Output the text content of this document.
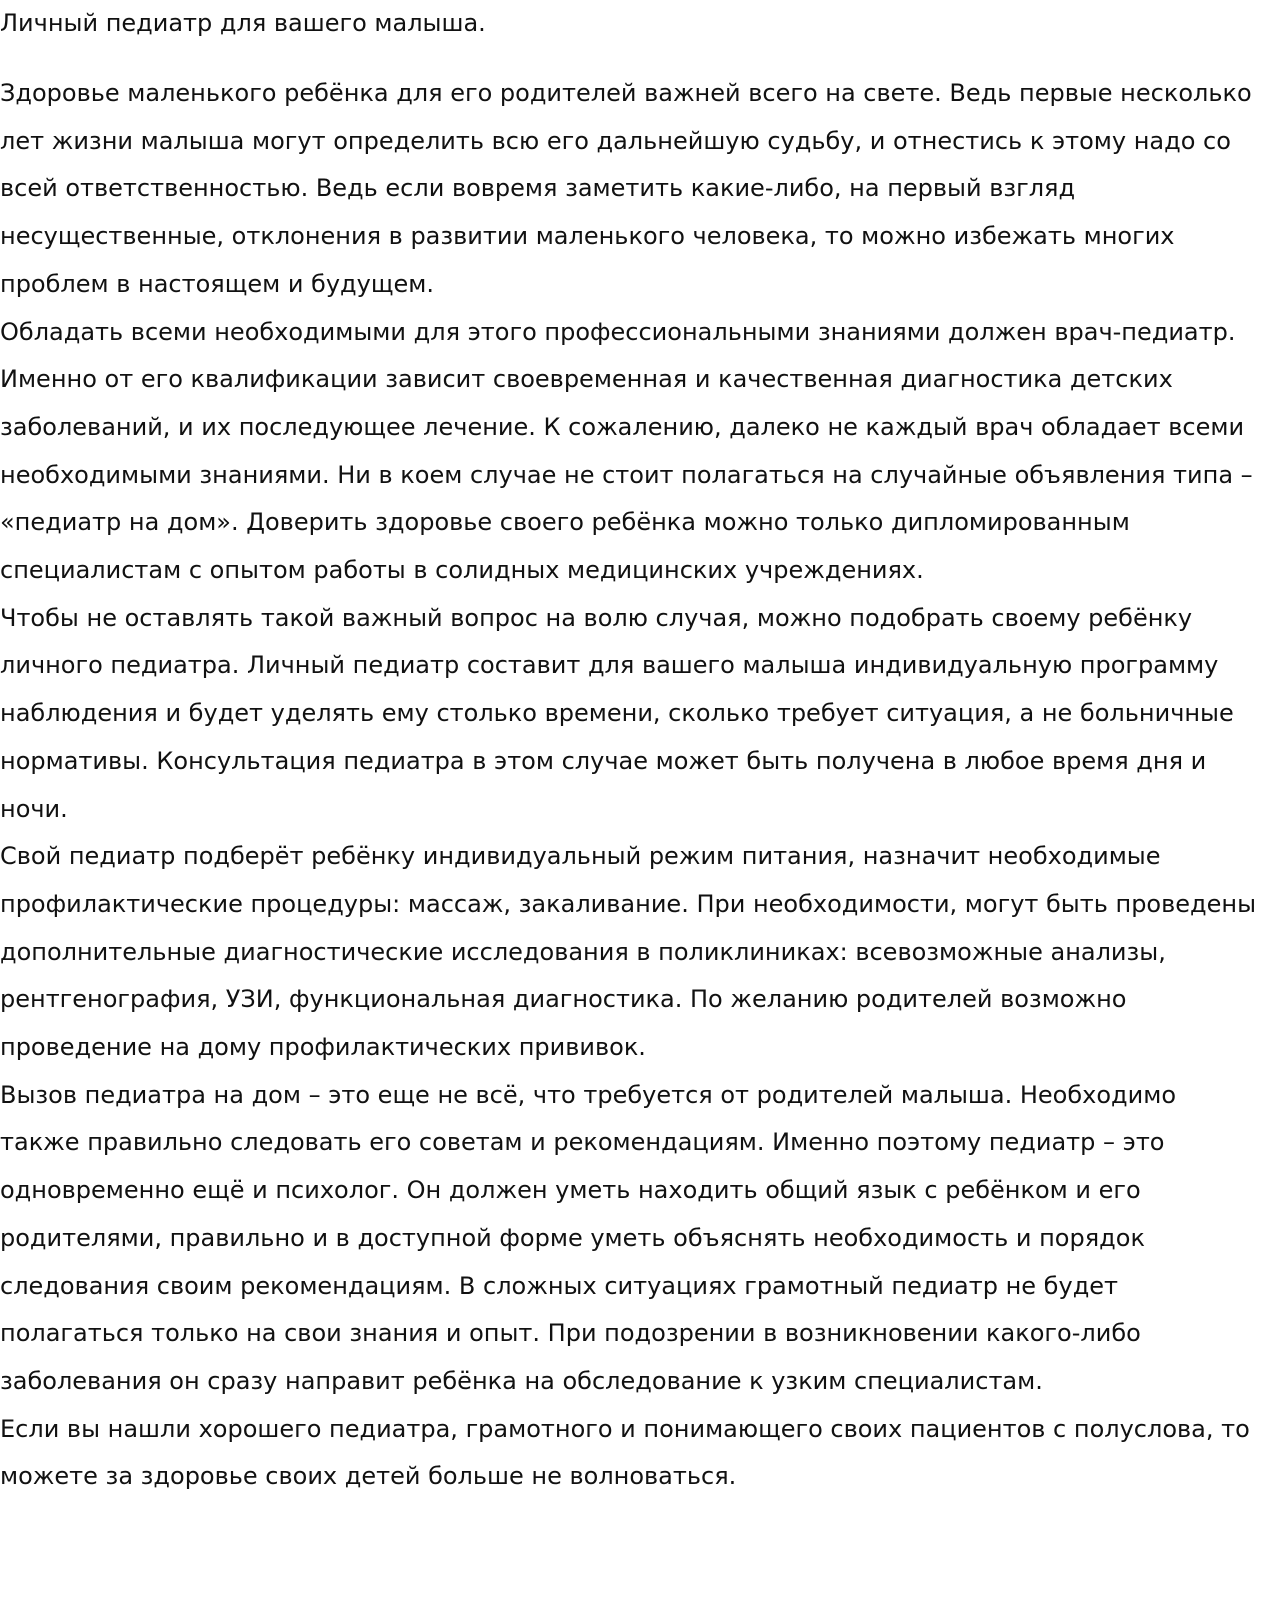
Личный педиатр для вашего малыша.

Здоровье маленького ребёнка для его родителей важней всего на свете. Ведь первые несколько лет жизни малыша могут определить всю его дальнейшую судьбу, и отнестись к этому надо со всей ответственностью. Ведь если вовремя заметить какие-либо, на первый взгляд несущественные, отклонения в развитии маленького человека, то можно избежать многих проблем в настоящем и будущем.

Обладать всеми необходимыми для этого профессиональными знаниями должен врач-педиатр. Именно от его квалификации зависит своевременная и качественная диагностика детских заболеваний, и их последующее лечение. К сожалению, далеко не каждый врач обладает всеми необходимыми знаниями. Ни в коем случае не стоит полагаться на случайные объявления типа – «педиатр на дом». Доверить здоровье своего ребёнка можно только дипломированным специалистам с опытом работы в солидных медицинских учреждениях.

Чтобы не оставлять такой важный вопрос на волю случая, можно подобрать своему ребёнку личного педиатра. Личный педиатр составит для вашего малыша индивидуальную программу наблюдения и будет уделять ему столько времени, сколько требует ситуация, а не больничные нормативы. Консультация педиатра в этом случае может быть получена в любое время дня и ночи.

Свой педиатр подберёт ребёнку индивидуальный режим питания, назначит необходимые профилактические процедуры: массаж, закаливание. При необходимости, могут быть проведены дополнительные диагностические исследования в поликлиниках: всевозможные анализы, рентгенография, УЗИ, функциональная диагностика. По желанию родителей возможно проведение на дому профилактических прививок.

Вызов педиатра на дом – это еще не всё, что требуется от родителей малыша. Необходимо также правильно следовать его советам и рекомендациям. Именно поэтому педиатр – это одновременно ещё и психолог. Он должен уметь находить общий язык с ребёнком и его родителями, правильно и в доступной форме уметь объяснять необходимость и порядок следования своим рекомендациям. В сложных ситуациях грамотный педиатр не будет полагаться только на свои знания и опыт. При подозрении в возникновении какого-либо заболевания он сразу направит ребёнка на обследование к узким специалистам.

Если вы нашли хорошего педиатра, грамотного и понимающего своих пациентов с полуслова, то можете за здоровье своих детей больше не волноваться.
